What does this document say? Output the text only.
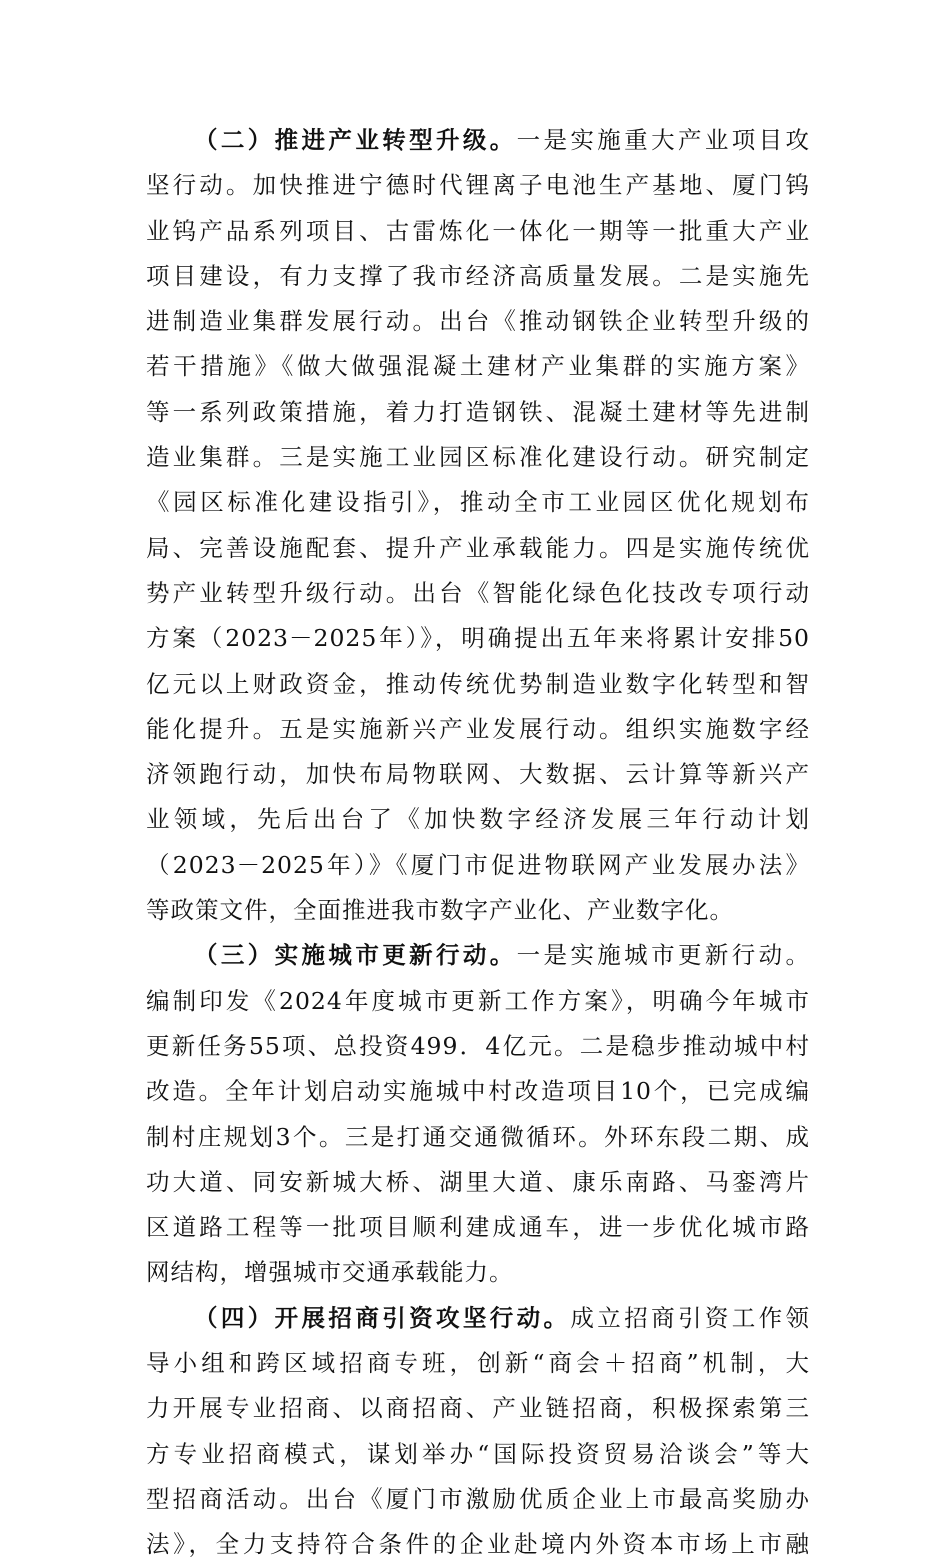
（二）推进产业转型升级。一是实施重大产业项目攻
坚行动。加快推进宁德时代锂离子电池生产基地、厦门钨
业钨产品系列项目、古雷炼化一体化一期等一批重大产业
项目建设，有力支撑了我市经济高质量发展。二是实施先
进制造业集群发展行动。出台《推动钢铁企业转型升级的
若干措施》《做大做强混凝土建材产业集群的实施方案》
等一系列政策措施，着力打造钢铁、混凝土建材等先进制
造业集群。三是实施工业园区标准化建设行动。研究制定
《园区标准化建设指引》，推动全市工业园区优化规划布
局、完善设施配套、提升产业承载能力。四是实施传统优
势产业转型升级行动。出台《智能化绿色化技改专项行动
方案（2023－2025年）》，明确提出五年来将累计安排50
亿元以上财政资金，推动传统优势制造业数字化转型和智
能化提升。五是实施新兴产业发展行动。组织实施数字经
济领跑行动，加快布局物联网、大数据、云计算等新兴产
业领域，先后出台了《加快数字经济发展三年行动计划
（2023－2025年）》《厦门市促进物联网产业发展办法》
等政策文件，全面推进我市数字产业化、产业数字化。
（三）实施城市更新行动。一是实施城市更新行动。
编制印发《2024年度城市更新工作方案》，明确今年城市
更新任务55项、总投资499．4亿元。二是稳步推动城中村
改造。全年计划启动实施城中村改造项目10个，已完成编
制村庄规划3个。三是打通交通微循环。外环东段二期、成
功大道、同安新城大桥、湖里大道、康乐南路、马銮湾片
区道路工程等一批项目顺利建成通车，进一步优化城市路
网结构，增强城市交通承载能力。
（四）开展招商引资攻坚行动。成立招商引资工作领
导小组和跨区域招商专班，创新“商会＋招商”机制，大
力开展专业招商、以商招商、产业链招商，积极探索第三
方专业招商模式，谋划举办“国际投资贸易洽谈会”等大
型招商活动。出台《厦门市激励优质企业上市最高奖励办
法》，全力支持符合条件的企业赴境内外资本市场上市融
